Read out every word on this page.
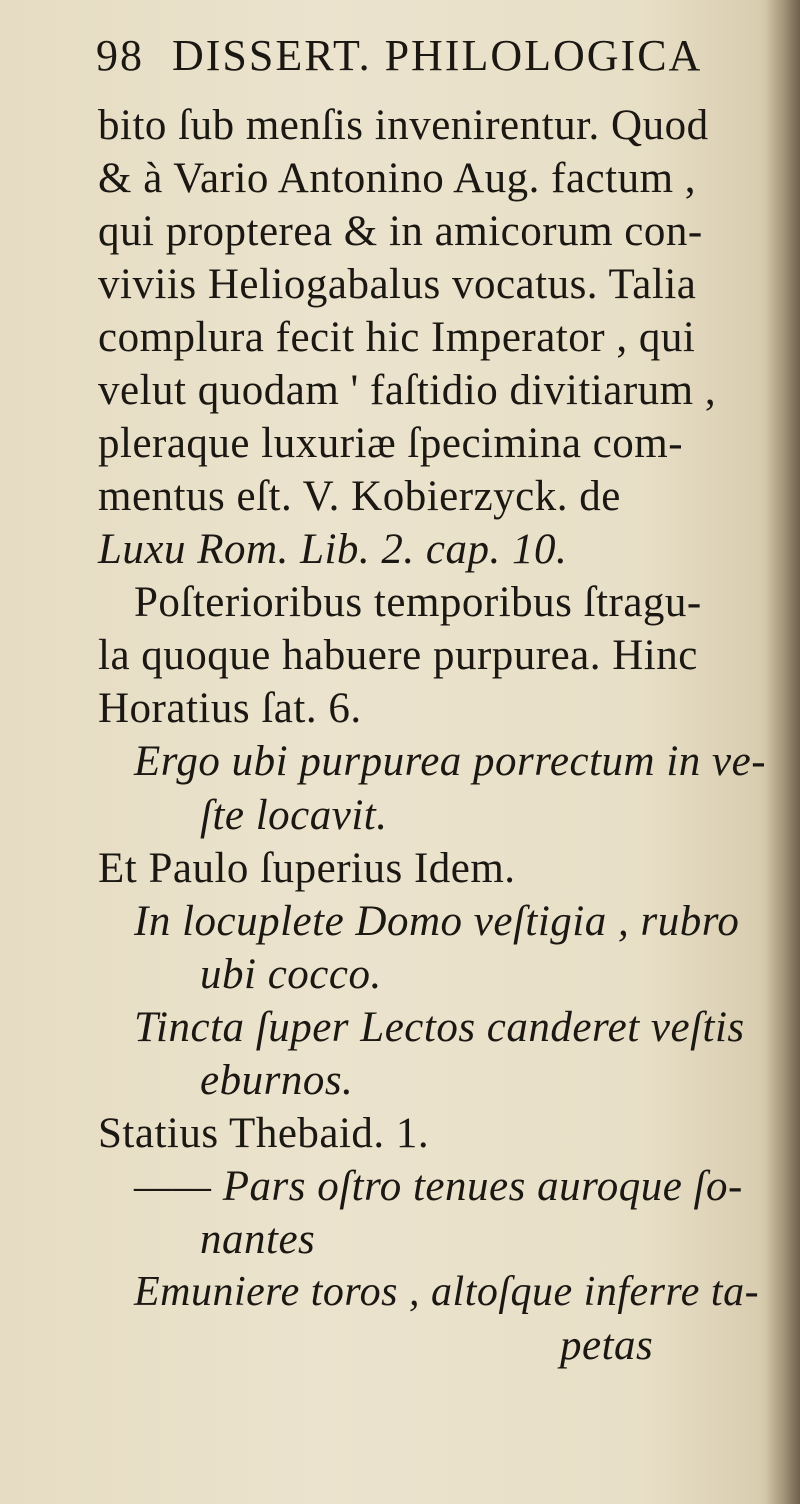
98 DISSERT. PHILOLOGICA
bito ſub menſis invenirentur. Quod
& à Vario Antonino Aug. factum ,
qui propterea & in amicorum con-
viviis Heliogabalus vocatus. Talia
complura fecit hic Imperator , qui
velut quodam ' faſtidio divitiarum ,
pleraque luxuriæ ſpecimina com-
mentus eſt. V. Kobierzyck. de
Luxu Rom. Lib. 2. cap. 10.
Poſterioribus temporibus ſtragu-
la quoque habuere purpurea. Hinc
Horatius ſat. 6.
Ergo ubi purpurea porrectum in ve-
ſte locavit.
Et Paulo ſuperius Idem.
In locuplete Domo veſtigia , rubro
ubi cocco.
Tincta ſuper Lectos canderet veſtis
eburnos.
Statius Thebaid. 1.
—— Pars oſtro tenues auroque ſo-
nantes
Emuniere toros , altoſque inferre ta-
petas
